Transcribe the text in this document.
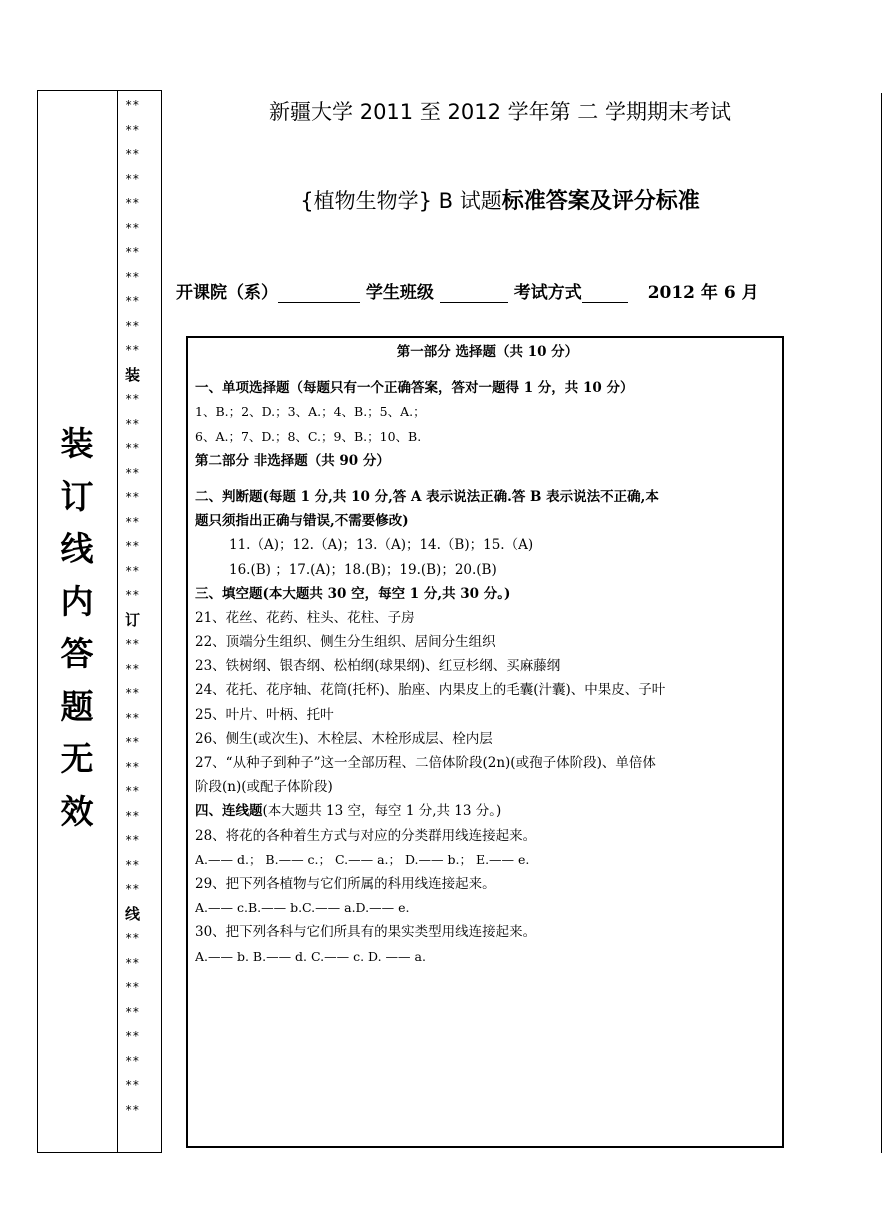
装
订
线
内
答
题
无
效
**
**
**
**
**
**
**
**
**
**
**
装
**
**
**
**
**
**
**
**
**
订
**
**
**
**
**
**
**
**
**
**
**
线
**
**
**
**
**
**
**
**
新疆大学 2011 至 2012 学年第 二 学期期末考试
{植物生物学} B 试题标准答案及评分标准
开课院（系）	学生班级	考试方式	2012 年 6 月
第一部分 选择题（共 10 分）
一、单项选择题（每题只有一个正确答案，答对一题得 1 分，共 10 分）
1、B.；2、D.；3、A.；4、B.；5、A.；
6、A.；7、D.；8、C.；9、B.；10、B.
第二部分 非选择题（共 90 分）
二、判断题(每题 1 分,共 10 分,答 A 表示说法正确.答 B 表示说法不正确,本
题只须指出正确与错误,不需要修改)
11.（A)；12.（A)；13.（A)；14.（B)；15.（A)
16.(B) ；17.(A)；18.(B)；19.(B)；20.(B)
三、填空题(本大题共 30 空，每空 1 分,共 30 分。)
21、花丝、花药、柱头、花柱、子房
22、顶端分生组织、侧生分生组织、居间分生组织
23、铁树纲、银杏纲、松柏纲(球果纲)、红豆杉纲、买麻藤纲
24、花托、花序轴、花筒(托杯)、胎座、内果皮上的毛囊(汁囊)、中果皮、子叶
25、叶片、叶柄、托叶
26、侧生(或次生)、木栓层、木栓形成层、栓内层
27、“从种子到种子”这一全部历程、二倍体阶段(2n)(或孢子体阶段)、单倍体
阶段(n)(或配子体阶段)
四、连线题(本大题共 13 空，每空 1 分,共 13 分。)
28、将花的各种着生方式与对应的分类群用线连接起来。
A.—— d.； B.—— c.； C.—— a.； D.—— b.； E.—— e.
29、把下列各植物与它们所属的科用线连接起来。
A.—— c.B.—— b.C.—— a.D.—— e.
30、把下列各科与它们所具有的果实类型用线连接起来。
A.—— b. B.—— d. C.—— c. D. —— a.
